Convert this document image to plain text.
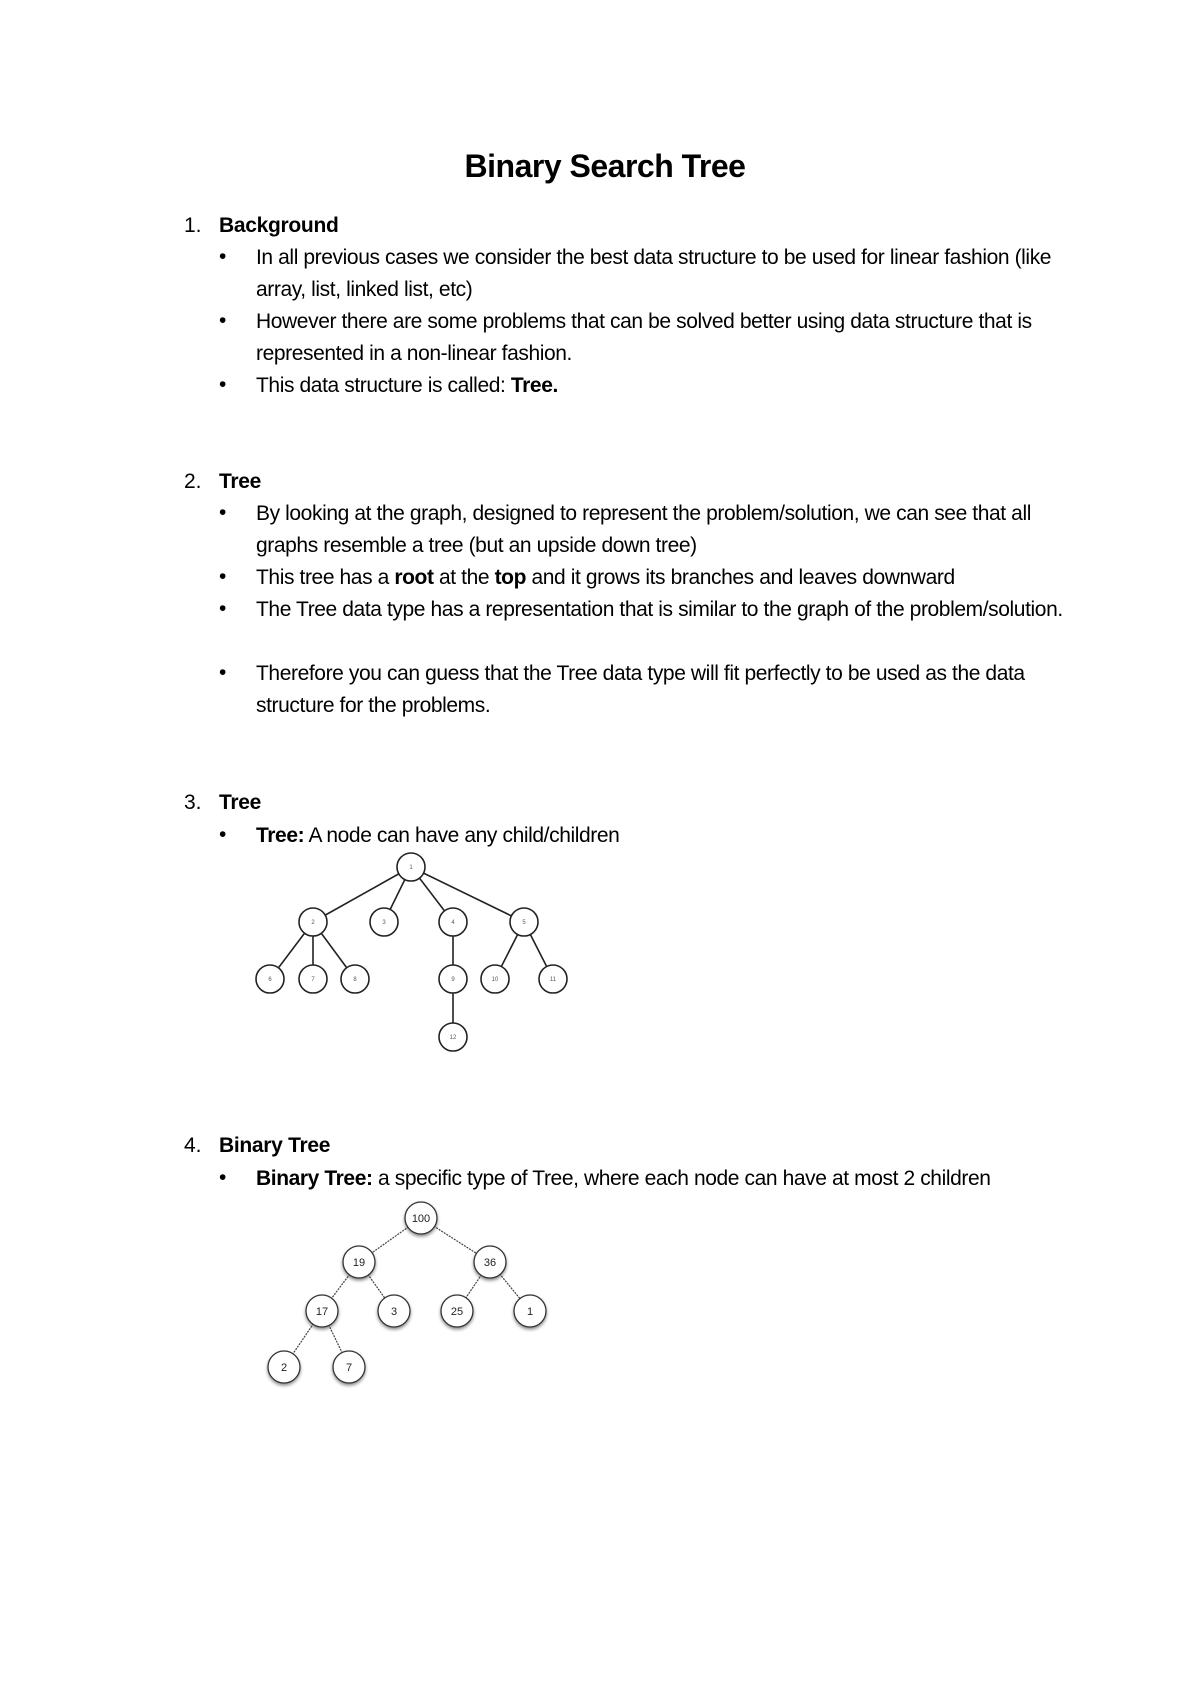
Binary Search Tree
1. Background
• In all previous cases we consider the best data structure to be used for linear fashion (like array, list, linked list, etc)
• However there are some problems that can be solved better using data structure that is represented in a non-linear fashion.
• This data structure is called: Tree.
2. Tree
• By looking at the graph, designed to represent the problem/solution, we can see that all graphs resemble a tree (but an upside down tree)
• This tree has a root at the top and it grows its branches and leaves downward
• The Tree data type has a representation that is similar to the graph of the problem/solution.
• Therefore you can guess that the Tree data type will fit perfectly to be used as the data structure for the problems.
3. Tree
• Tree: A node can have any child/children
1
2	3	4	5
6	7	8	9	10	11
12
4. Binary Tree
• Binary Tree: a specific type of Tree, where each node can have at most 2 children
100
19	36
17	3	25	1
2	7
